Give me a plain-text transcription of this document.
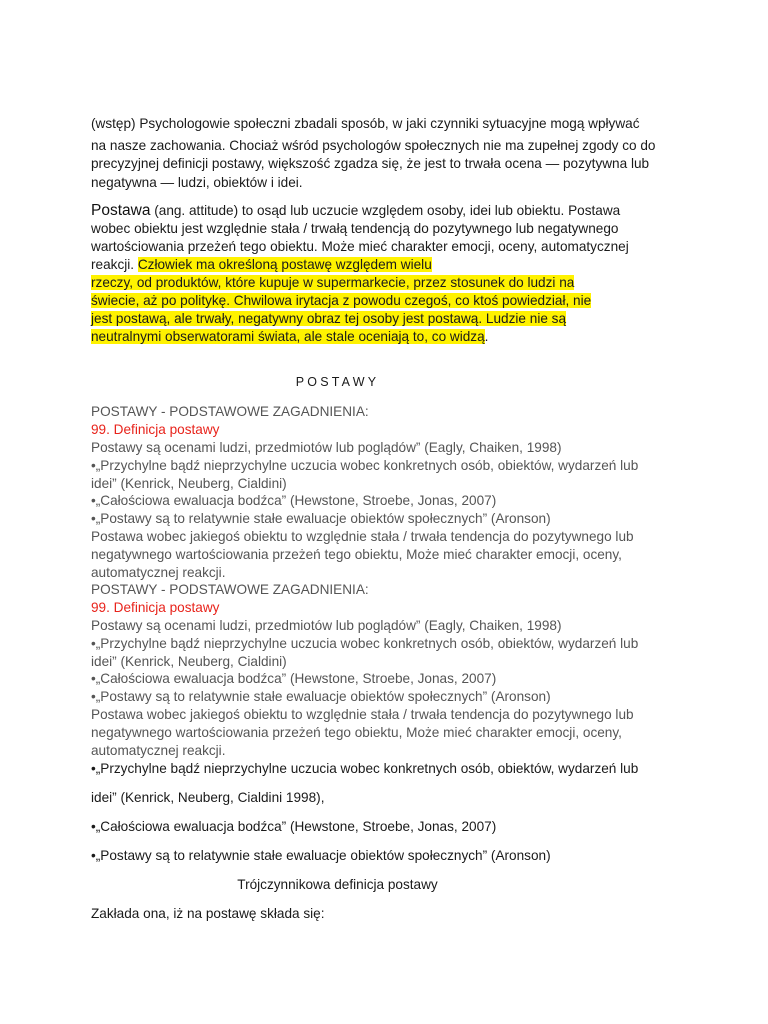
(wstęp) Psychologowie społeczni zbadali sposób, w jaki czynniki sytuacyjne mogą wpływać
na nasze zachowania. Chociaż wśród psychologów społecznych nie ma zupełnej zgody co do
precyzyjnej definicji postawy, większość zgadza się, że jest to trwała ocena — pozytywna lub
negatywna — ludzi, obiektów i idei.
Postawa (ang. attitude) to osąd lub uczucie względem osoby, idei lub obiektu. Postawa
wobec obiektu jest względnie stała / trwałą tendencją do pozytywnego lub negatywnego
wartościowania przeżeń tego obiektu. Może mieć charakter emocji, oceny, automatycznej
reakcji. Człowiek ma określoną postawę względem wielu
rzeczy, od produktów, które kupuje w supermarkecie, przez stosunek do ludzi na
świecie, aż po politykę. Chwilowa irytacja z powodu czegoś, co ktoś powiedział, nie
jest postawą, ale trwały, negatywny obraz tej osoby jest postawą. Ludzie nie są
neutralnymi obserwatorami świata, ale stale oceniają to, co widzą.
POSTAWY
POSTAWY - PODSTAWOWE ZAGADNIENIA:
99. Definicja postawy
Postawy są ocenami ludzi, przedmiotów lub poglądów” (Eagly, Chaiken, 1998)
•„Przychylne bądź nieprzychylne uczucia wobec konkretnych osób, obiektów, wydarzeń lub
idei” (Kenrick, Neuberg, Cialdini)
•„Całościowa ewaluacja bodźca” (Hewstone, Stroebe, Jonas, 2007)
•„Postawy są to relatywnie stałe ewaluacje obiektów społecznych” (Aronson)
Postawa wobec jakiegoś obiektu to względnie stała / trwała tendencja do pozytywnego lub
negatywnego wartościowania przeżeń tego obiektu, Może mieć charakter emocji, oceny,
automatycznej reakcji.
POSTAWY - PODSTAWOWE ZAGADNIENIA:
99. Definicja postawy
Postawy są ocenami ludzi, przedmiotów lub poglądów” (Eagly, Chaiken, 1998)
•„Przychylne bądź nieprzychylne uczucia wobec konkretnych osób, obiektów, wydarzeń lub
idei” (Kenrick, Neuberg, Cialdini)
•„Całościowa ewaluacja bodźca” (Hewstone, Stroebe, Jonas, 2007)
•„Postawy są to relatywnie stałe ewaluacje obiektów społecznych” (Aronson)
Postawa wobec jakiegoś obiektu to względnie stała / trwała tendencja do pozytywnego lub
negatywnego wartościowania przeżeń tego obiektu, Może mieć charakter emocji, oceny,
automatycznej reakcji.
•„Przychylne bądź nieprzychylne uczucia wobec konkretnych osób, obiektów, wydarzeń lub
idei” (Kenrick, Neuberg, Cialdini 1998),
•„Całościowa ewaluacja bodźca” (Hewstone, Stroebe, Jonas, 2007)
•„Postawy są to relatywnie stałe ewaluacje obiektów społecznych” (Aronson)
Trójczynnikowa definicja postawy
Zakłada ona, iż na postawę składa się:
